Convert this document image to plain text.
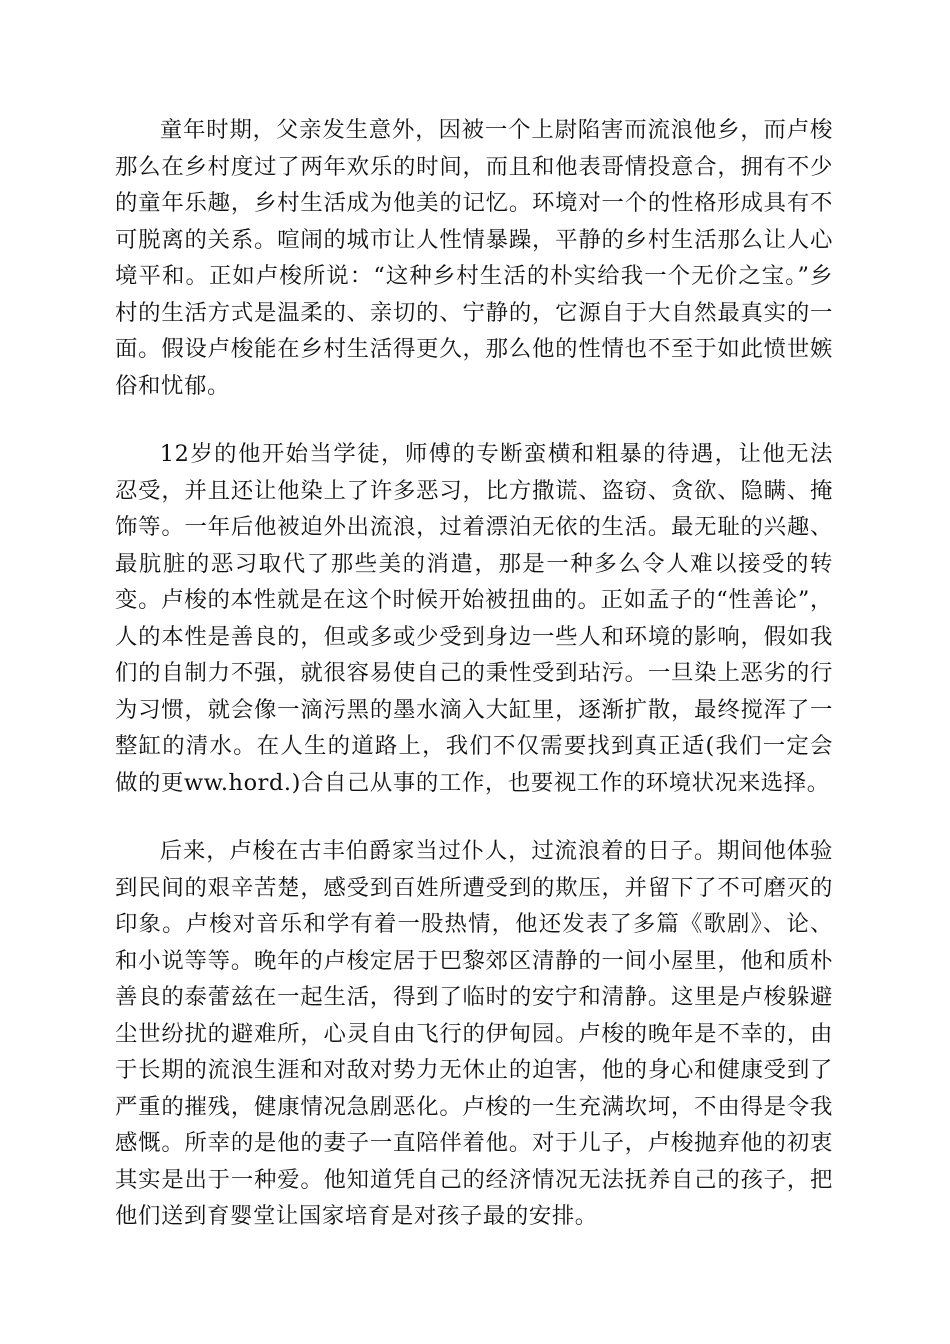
童年时期，父亲发生意外，因被一个上尉陷害而流浪他乡，而卢梭那么在乡村度过了两年欢乐的时间，而且和他表哥情投意合，拥有不少的童年乐趣，乡村生活成为他美的记忆。环境对一个的性格形成具有不可脱离的关系。喧闹的城市让人性情暴躁，平静的乡村生活那么让人心境平和。正如卢梭所说：“这种乡村生活的朴实给我一个无价之宝。”乡村的生活方式是温柔的、亲切的、宁静的，它源自于大自然最真实的一面。假设卢梭能在乡村生活得更久，那么他的性情也不至于如此愤世嫉俗和忧郁。

12岁的他开始当学徒，师傅的专断蛮横和粗暴的待遇，让他无法忍受，并且还让他染上了许多恶习，比方撒谎、盗窃、贪欲、隐瞒、掩饰等。一年后他被迫外出流浪，过着漂泊无依的生活。最无耻的兴趣、最肮脏的恶习取代了那些美的消遣，那是一种多么令人难以接受的转变。卢梭的本性就是在这个时候开始被扭曲的。正如孟子的“性善论”，人的本性是善良的，但或多或少受到身边一些人和环境的影响，假如我们的自制力不强，就很容易使自己的秉性受到玷污。一旦染上恶劣的行为习惯，就会像一滴污黑的墨水滴入大缸里，逐渐扩散，最终搅浑了一整缸的清水。在人生的道路上，我们不仅需要找到真正适(我们一定会做的更ww.hord.)合自己从事的工作，也要视工作的环境状况来选择。

后来，卢梭在古丰伯爵家当过仆人，过流浪着的日子。期间他体验到民间的艰辛苦楚，感受到百姓所遭受到的欺压，并留下了不可磨灭的印象。卢梭对音乐和学有着一股热情，他还发表了多篇《歌剧》、论、和小说等等。晚年的卢梭定居于巴黎郊区清静的一间小屋里，他和质朴善良的泰蕾兹在一起生活，得到了临时的安宁和清静。这里是卢梭躲避尘世纷扰的避难所，心灵自由飞行的伊甸园。卢梭的晚年是不幸的，由于长期的流浪生涯和对敌对势力无休止的迫害，他的身心和健康受到了严重的摧残，健康情况急剧恶化。卢梭的一生充满坎坷，不由得是令我感慨。所幸的是他的妻子一直陪伴着他。对于儿子，卢梭抛弃他的初衷其实是出于一种爱。他知道凭自己的经济情况无法抚养自己的孩子，把他们送到育婴堂让国家培育是对孩子最的安排。
